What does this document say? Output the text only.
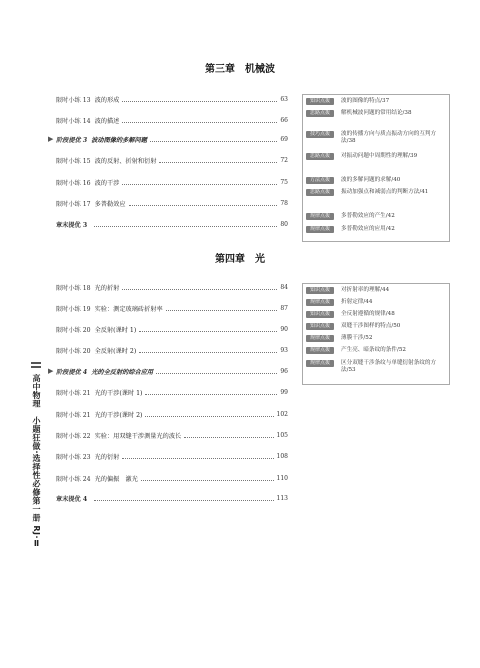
第三章　机械波
限时小练 13 波的形成	63
限时小练 14 波的描述	66
▶ 阶段提优 3 波动图像的多解问题	69
限时小练 15 波的反射、折射和衍射	72
限时小练 16 波的干涉	75
限时小练 17 多普勒效应	78
章末提优 3	80
知识点拨	波的图像的特点/37
思路点拨	解机械波问题的常用结论/38
技巧点拨	波的传播方向与质点振动方向的互判方法/38
思路点拨	对振动问题中周期性的理解/39
方法点拨	波的多解问题的求解/40
思路点拨	振动加强点和减弱点的判断方法/41
规律点拨	多普勒效应的产生/42
规律点拨	多普勒效应的应用/42
第四章　光
限时小练 18 光的折射	84
限时小练 19 实验：测定玻璃砖折射率	87
限时小练 20 全反射(课时 1)	90
限时小练 20 全反射(课时 2)	93
▶ 阶段提优 4 光的全反射的综合应用	96
限时小练 21 光的干涉(课时 1)	99
限时小练 21 光的干涉(课时 2)	102
限时小练 22 实验：用双缝干涉测量光的波长	105
限时小练 23 光的衍射	108
限时小练 24 光的偏振　激光	110
章末提优 4	113
知识点拨	对折射率的理解/44
规律点拨	折射定律/44
知识点拨	全反射遵循的规律/48
知识点拨	双缝干涉图样的特点/50
规律点拨	薄膜干涉/52
规律点拨	产生亮、暗条纹的条件/52
规律点拨	区分双缝干涉条纹与单缝衍射条纹的方法/53
高中物理　小题狂做·选择性必修第一册 RJ·Ⅱ
